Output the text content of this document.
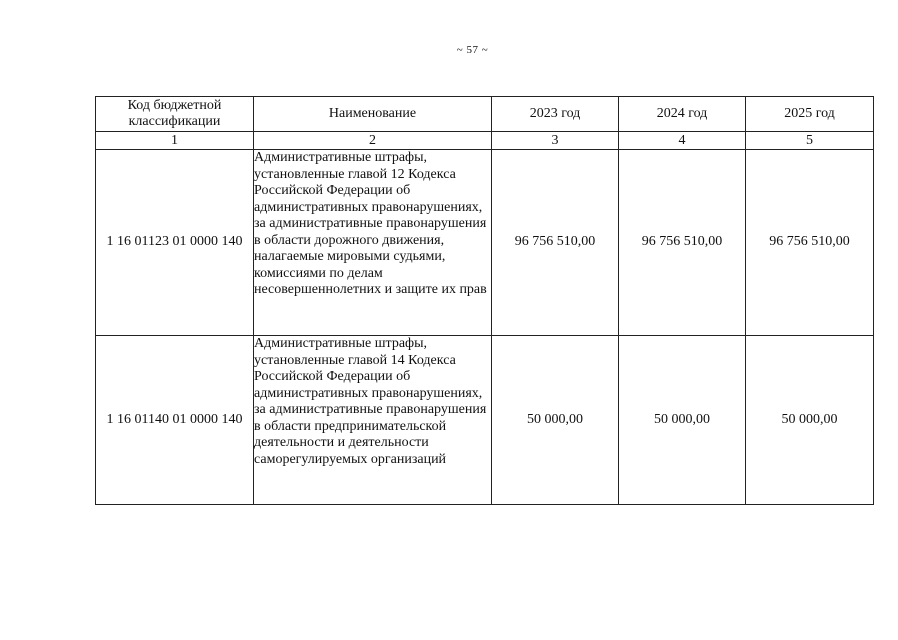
~ 57 ~
Код бюджетной классификации	Наименование	2023 год	2024 год	2025 год
1	2	3	4	5
1 16 01123 01 0000 140	Административные штрафы, установленные главой 12 Кодекса Российской Федерации об административных правонарушениях, за административные правонарушения в области дорожного движения, налагаемые мировыми судьями, комиссиями по делам несовершеннолетних и защите их прав	96 756 510,00	96 756 510,00	96 756 510,00
1 16 01140 01 0000 140	Административные штрафы, установленные главой 14 Кодекса Российской Федерации об административных правонарушениях, за административные правонарушения в области предпринимательской деятельности и деятельности саморегулируемых организаций	50 000,00	50 000,00	50 000,00
